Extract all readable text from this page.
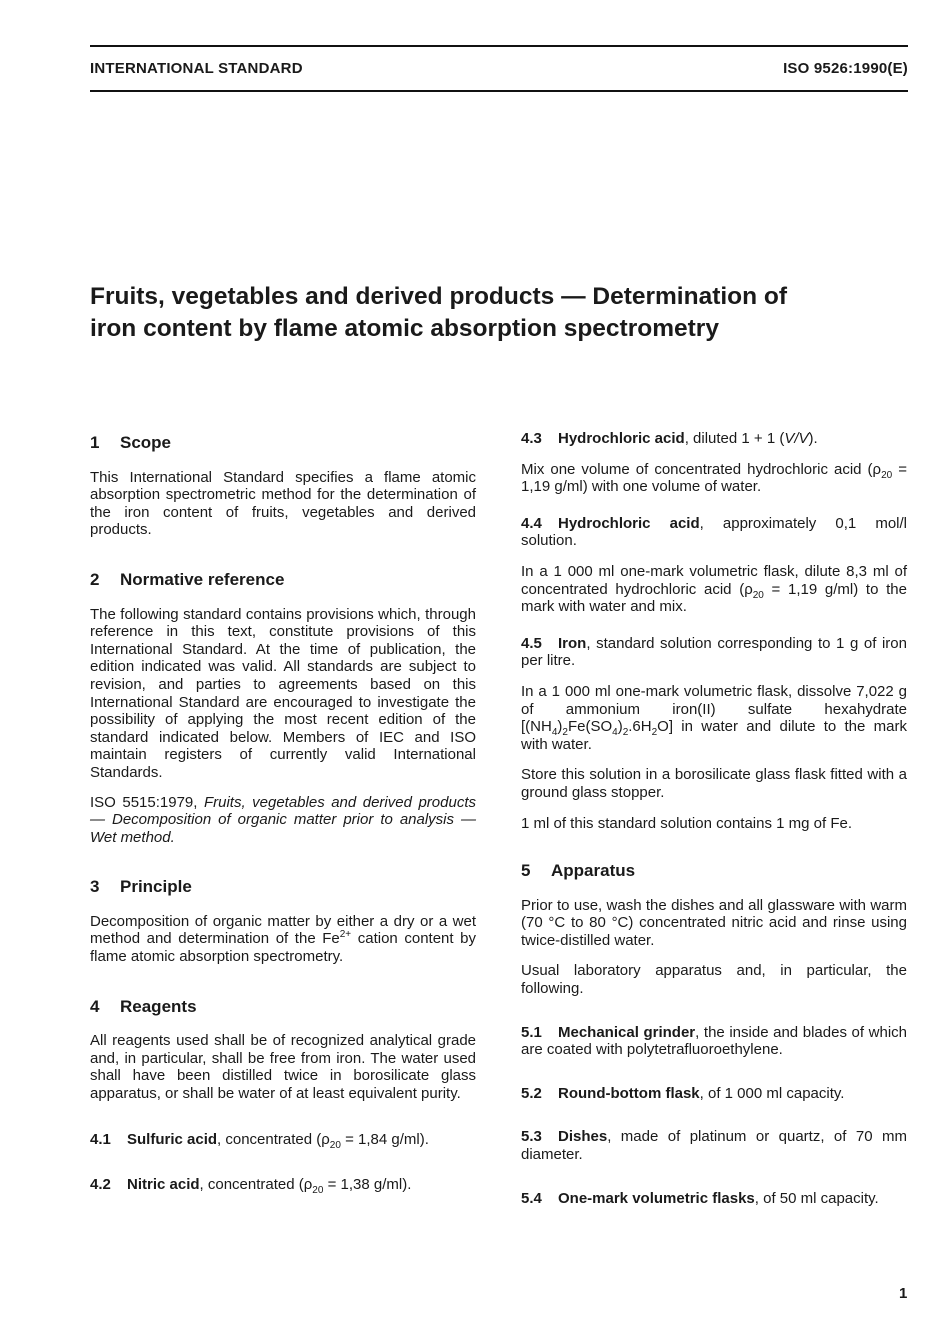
INTERNATIONAL STANDARD	ISO 9526:1990(E)
Fruits, vegetables and derived products — Determination of
iron content by flame atomic absorption spectrometry
1 Scope

This International Standard specifies a flame atomic absorption spectrometric method for the determination of the iron content of fruits, vegetables and derived products.

2 Normative reference

The following standard contains provisions which, through reference in this text, constitute provisions of this International Standard. At the time of publication, the edition indicated was valid. All standards are subject to revision, and parties to agreements based on this International Standard are encouraged to investigate the possibility of applying the most recent edition of the standard indicated below. Members of IEC and ISO maintain registers of currently valid International Standards.

ISO 5515:1979, Fruits, vegetables and derived products — Decomposition of organic matter prior to analysis — Wet method.

3 Principle

Decomposition of organic matter by either a dry or a wet method and determination of the $Fe^{2+}$ cation content by flame atomic absorption spectrometry.

4 Reagents

All reagents used shall be of recognized analytical grade and, in particular, shall be free from iron. The water used shall have been distilled twice in borosilicate glass apparatus, or shall be water of at least equivalent purity.

4.1 Sulfuric acid, concentrated ($\rho_{20} = 1,84$ g/ml).

4.2 Nitric acid, concentrated ($\rho_{20} = 1,38$ g/ml).

4.3 Hydrochloric acid, diluted 1 + 1 (V/V).

Mix one volume of concentrated hydrochloric acid ($\rho_{20} = 1,19$ g/ml) with one volume of water.

4.4 Hydrochloric acid, approximately 0,1 mol/l solution.

In a 1 000 ml one-mark volumetric flask, dilute 8,3 ml of concentrated hydrochloric acid ($\rho_{20} = 1,19$ g/ml) to the mark with water and mix.

4.5 Iron, standard solution corresponding to 1 g of iron per litre.

In a 1 000 ml one-mark volumetric flask, dissolve 7,022 g of ammonium iron(II) sulfate hexahydrate $[(NH_4)_2Fe(SO_4)_2.6H_2O]$ in water and dilute to the mark with water.

Store this solution in a borosilicate glass flask fitted with a ground glass stopper.

1 ml of this standard solution contains 1 mg of Fe.

5 Apparatus

Prior to use, wash the dishes and all glassware with warm (70 °C to 80 °C) concentrated nitric acid and rinse using twice-distilled water.

Usual laboratory apparatus and, in particular, the following.

5.1 Mechanical grinder, the inside and blades of which are coated with polytetrafluoroethylene.

5.2 Round-bottom flask, of 1 000 ml capacity.

5.3 Dishes, made of platinum or quartz, of 70 mm diameter.

5.4 One-mark volumetric flasks, of 50 ml capacity.

1
